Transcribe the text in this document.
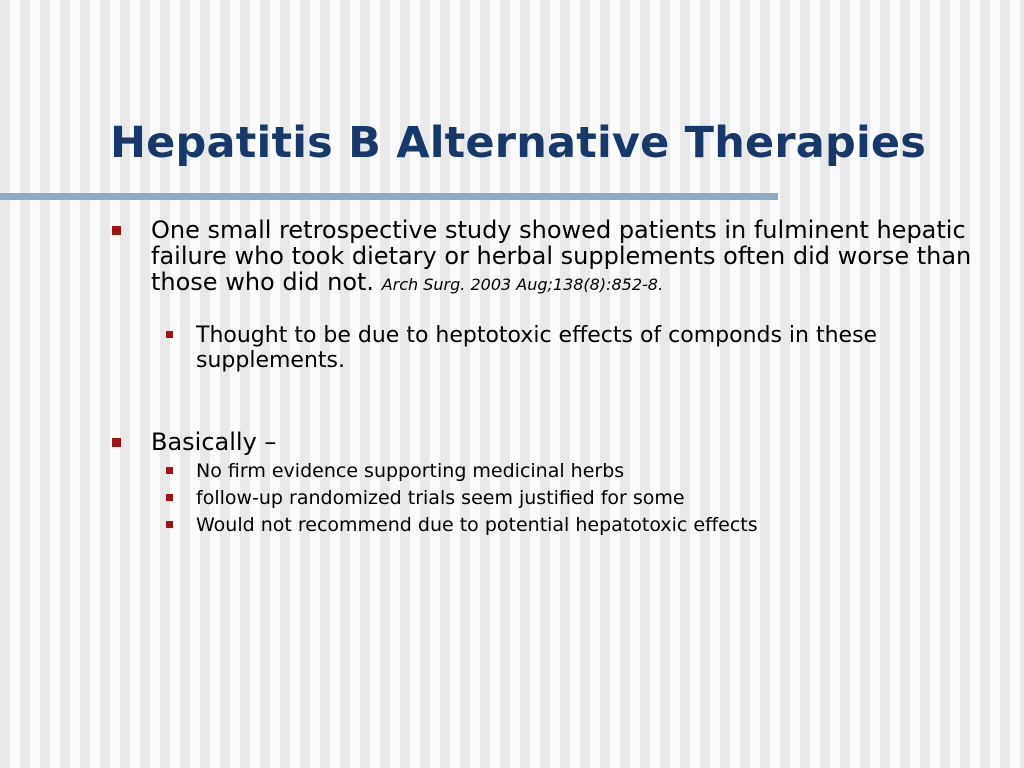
Hepatitis B Alternative Therapies
One small retrospective study showed patients in fulminent hepatic failure who took dietary or herbal supplements often did worse than those who did not. Arch Surg. 2003 Aug;138(8):852-8.
Thought to be due to heptotoxic effects of componds in these supplements.
Basically –
No firm evidence supporting medicinal herbs
follow-up randomized trials seem justified for some
Would not recommend due to potential hepatotoxic effects
